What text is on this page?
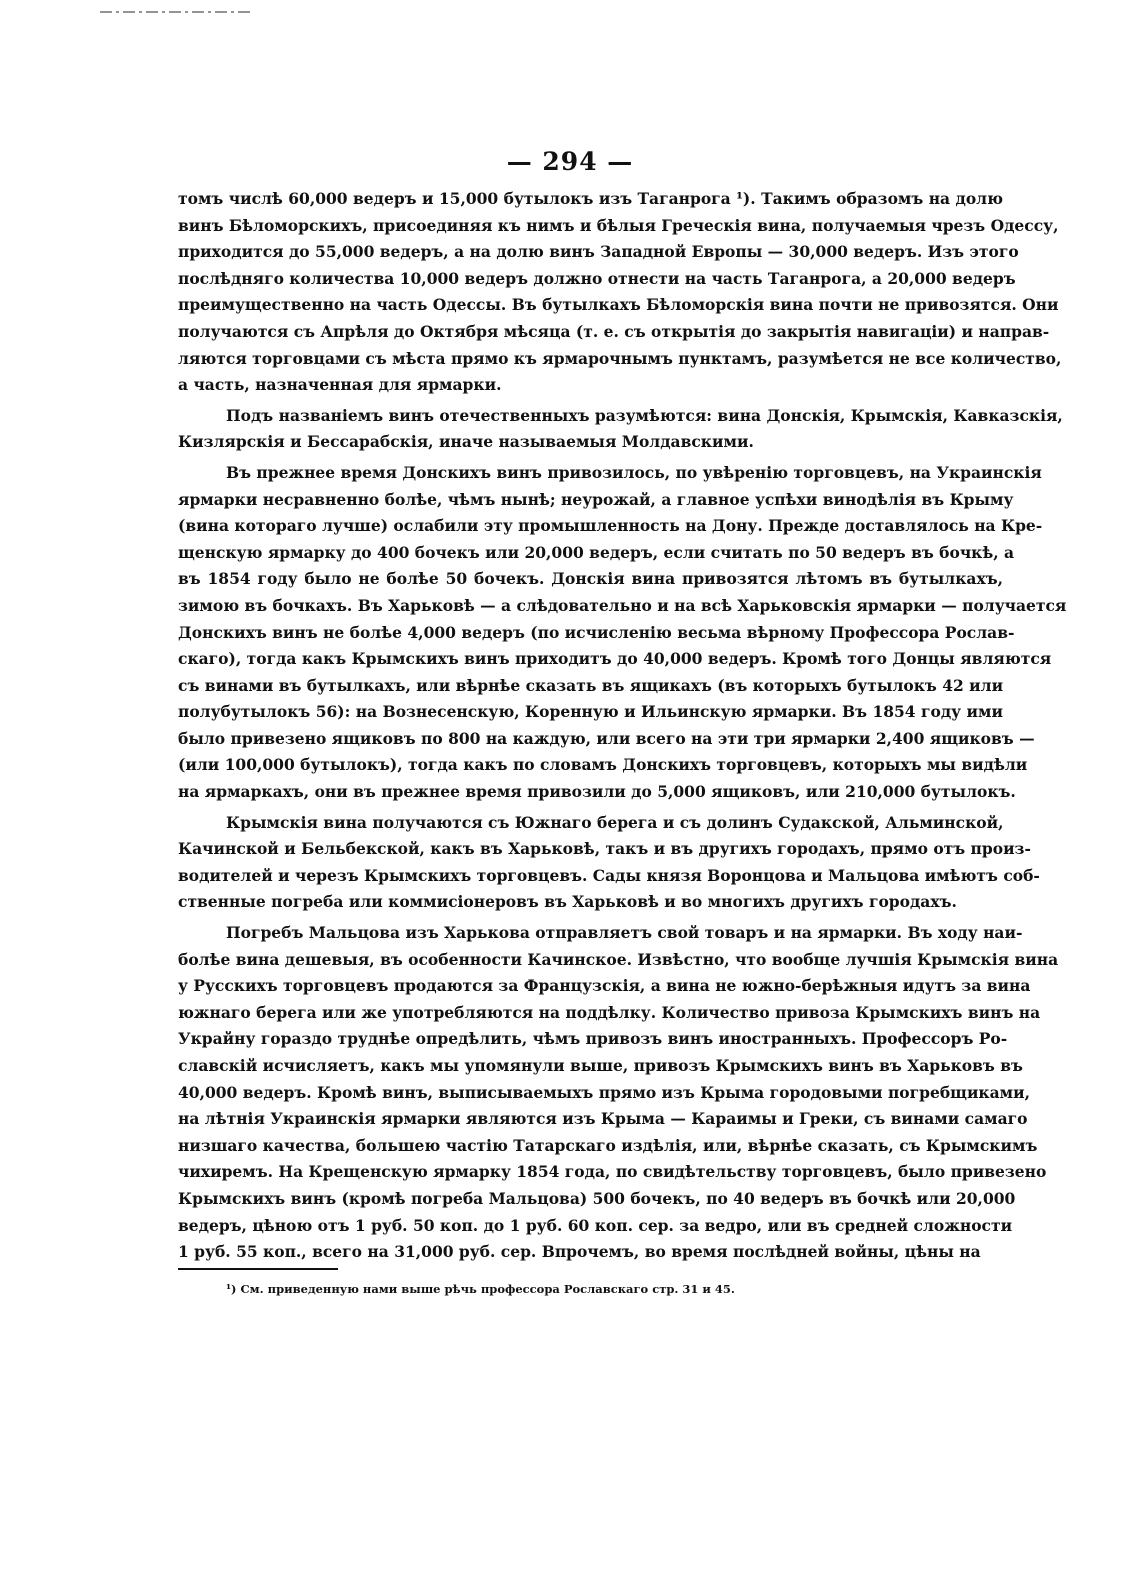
— 294 —
томъ числѣ 60,000 ведеръ и 15,000 бутылокъ изъ Таганрога ¹). Такимъ образомъ на долю
винъ Бѣломорскихъ, присоединяя къ нимъ и бѣлыя Греческія вина, получаемыя чрезъ Одессу,
приходится до 55,000 ведеръ, а на долю винъ Западной Европы — 30,000 ведеръ. Изъ этого
послѣдняго количества 10,000 ведеръ должно отнести на часть Таганрога, а 20,000 ведеръ
преимущественно на часть Одессы. Въ бутылкахъ Бѣломорскія вина почти не привозятся. Они
получаются съ Апрѣля до Октября мѣсяца (т. е. съ открытія до закрытія навигаціи) и направ-
ляются торговцами съ мѣста прямо къ ярмарочнымъ пунктамъ, разумѣется не все количество,
а часть, назначенная для ярмарки.
Подъ названіемъ винъ отечественныхъ разумѣются: вина Донскія, Крымскія, Кавказскія,
Кизлярскія и Бессарабскія, иначе называемыя Молдавскими.
Въ прежнее время Донскихъ винъ привозилось, по увѣренію торговцевъ, на Украинскія
ярмарки несравненно болѣе, чѣмъ нынѣ; неурожай, а главное успѣхи винодѣлія въ Крыму
(вина котораго лучше) ослабили эту промышленность на Дону. Прежде доставлялось на Кре-
щенскую ярмарку до 400 бочекъ или 20,000 ведеръ, если считать по 50 ведеръ въ бочкѣ, а
въ 1854 году было не болѣе 50 бочекъ. Донскія вина привозятся лѣтомъ въ бутылкахъ,
зимою въ бочкахъ. Въ Харьковѣ — а слѣдовательно и на всѣ Харьковскія ярмарки — получается
Донскихъ винъ не болѣе 4,000 ведеръ (по исчисленію весьма вѣрному Профессора Рослав-
скаго), тогда какъ Крымскихъ винъ приходитъ до 40,000 ведеръ. Кромѣ того Донцы являются
съ винами въ бутылкахъ, или вѣрнѣе сказать въ ящикахъ (въ которыхъ бутылокъ 42 или
полубутылокъ 56): на Вознесенскую, Коренную и Ильинскую ярмарки. Въ 1854 году ими
было привезено ящиковъ по 800 на каждую, или всего на эти три ярмарки 2,400 ящиковъ —
(или 100,000 бутылокъ), тогда какъ по словамъ Донскихъ торговцевъ, которыхъ мы видѣли
на ярмаркахъ, они въ прежнее время привозили до 5,000 ящиковъ, или 210,000 бутылокъ.
Крымскія вина получаются съ Южнаго берега и съ долинъ Судакской, Альминской,
Качинской и Бельбекской, какъ въ Харьковѣ, такъ и въ другихъ городахъ, прямо отъ произ-
водителей и черезъ Крымскихъ торговцевъ. Сады князя Воронцова и Мальцова имѣютъ соб-
ственные погреба или коммисіонеровъ въ Харьковѣ и во многихъ другихъ городахъ.
Погребъ Мальцова изъ Харькова отправляетъ свой товаръ и на ярмарки. Въ ходу наи-
болѣе вина дешевыя, въ особенности Качинское. Извѣстно, что вообще лучшія Крымскія вина
у Русскихъ торговцевъ продаются за Французскія, а вина не южно-берѣжныя идутъ за вина
южнаго берега или же употребляются на поддѣлку. Количество привоза Крымскихъ винъ на
Украйну гораздо труднѣе опредѣлить, чѣмъ привозъ винъ иностранныхъ. Профессоръ Ро-
славскій исчисляетъ, какъ мы упомянули выше, привозъ Крымскихъ винъ въ Харьковъ въ
40,000 ведеръ. Кромѣ винъ, выписываемыхъ прямо изъ Крыма городовыми погребщиками,
на лѣтнія Украинскія ярмарки являются изъ Крыма — Караимы и Греки, съ винами самаго
низшаго качества, большею частію Татарскаго издѣлія, или, вѣрнѣе сказать, съ Крымскимъ
чихиремъ. На Крещенскую ярмарку 1854 года, по свидѣтельству торговцевъ, было привезено
Крымскихъ винъ (кромѣ погреба Мальцова) 500 бочекъ, по 40 ведеръ въ бочкѣ или 20,000
ведеръ, цѣною отъ 1 руб. 50 коп. до 1 руб. 60 коп. сер. за ведро, или въ средней сложности
1 руб. 55 коп., всего на 31,000 руб. сер. Впрочемъ, во время послѣдней войны, цѣны на
¹) См. приведенную нами выше рѣчь профессора Рославскаго стр. 31 и 45.
